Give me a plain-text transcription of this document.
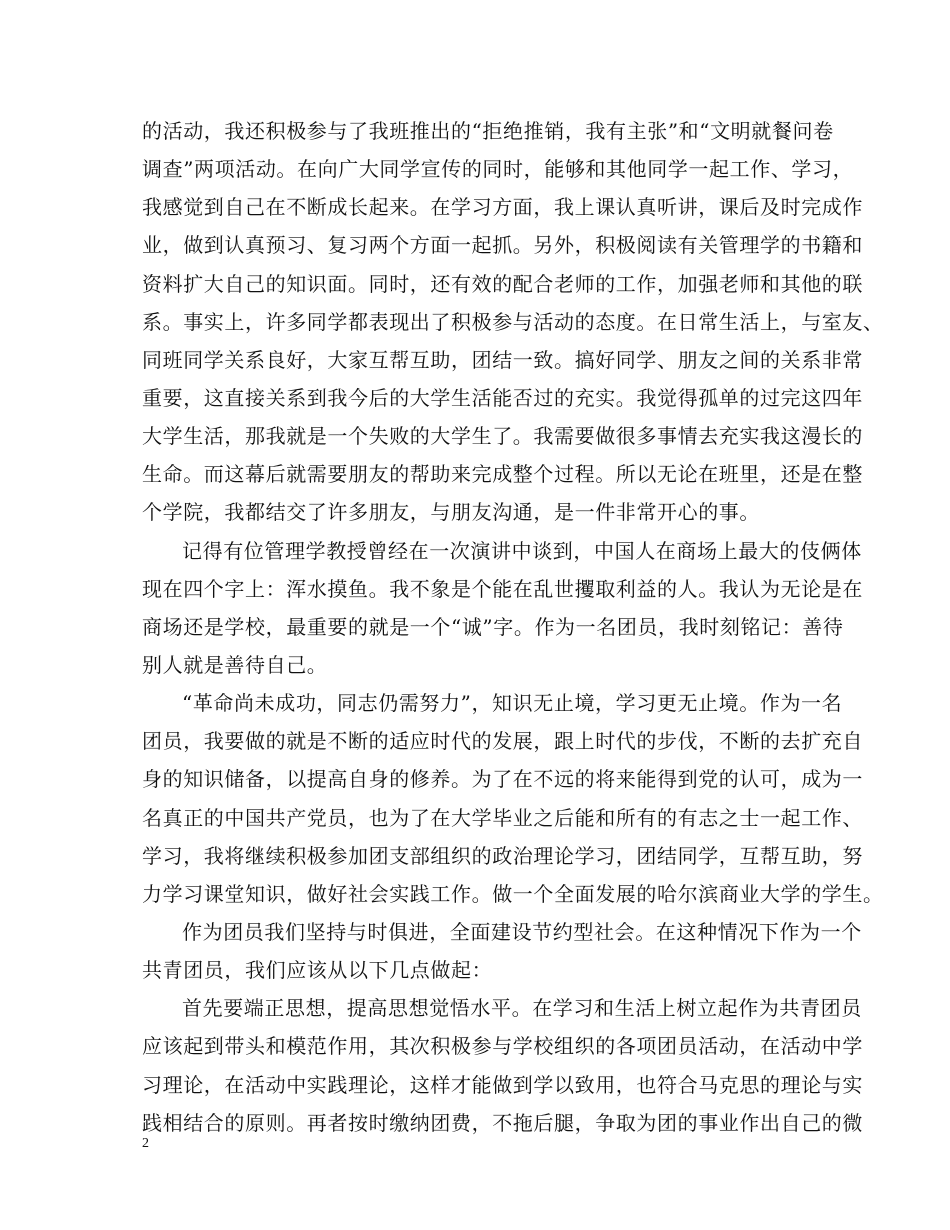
的活动，我还积极参与了我班推出的“拒绝推销，我有主张”和“文明就餐问卷
调查”两项活动。在向广大同学宣传的同时，能够和其他同学一起工作、学习，
我感觉到自己在不断成长起来。在学习方面，我上课认真听讲，课后及时完成作
业，做到认真预习、复习两个方面一起抓。另外，积极阅读有关管理学的书籍和
资料扩大自己的知识面。同时，还有效的配合老师的工作，加强老师和其他的联
系。事实上，许多同学都表现出了积极参与活动的态度。在日常生活上，与室友、
同班同学关系良好，大家互帮互助，团结一致。搞好同学、朋友之间的关系非常
重要，这直接关系到我今后的大学生活能否过的充实。我觉得孤单的过完这四年
大学生活，那我就是一个失败的大学生了。我需要做很多事情去充实我这漫长的
生命。而这幕后就需要朋友的帮助来完成整个过程。所以无论在班里，还是在整
个学院，我都结交了许多朋友，与朋友沟通，是一件非常开心的事。
记得有位管理学教授曾经在一次演讲中谈到，中国人在商场上最大的伎俩体
现在四个字上：浑水摸鱼。我不象是个能在乱世攫取利益的人。我认为无论是在
商场还是学校，最重要的就是一个“诚”字。作为一名团员，我时刻铭记：善待
别人就是善待自己。
“革命尚未成功，同志仍需努力”，知识无止境，学习更无止境。作为一名
团员，我要做的就是不断的适应时代的发展，跟上时代的步伐，不断的去扩充自
身的知识储备，以提高自身的修养。为了在不远的将来能得到党的认可，成为一
名真正的中国共产党员，也为了在大学毕业之后能和所有的有志之士一起工作、
学习，我将继续积极参加团支部组织的政治理论学习，团结同学，互帮互助，努
力学习课堂知识，做好社会实践工作。做一个全面发展的哈尔滨商业大学的学生。
作为团员我们坚持与时俱进，全面建设节约型社会。在这种情况下作为一个
共青团员，我们应该从以下几点做起：
首先要端正思想，提高思想觉悟水平。在学习和生活上树立起作为共青团员
应该起到带头和模范作用，其次积极参与学校组织的各项团员活动，在活动中学
习理论，在活动中实践理论，这样才能做到学以致用，也符合马克思的理论与实
践相结合的原则。再者按时缴纳团费，不拖后腿，争取为团的事业作出自己的微
2
